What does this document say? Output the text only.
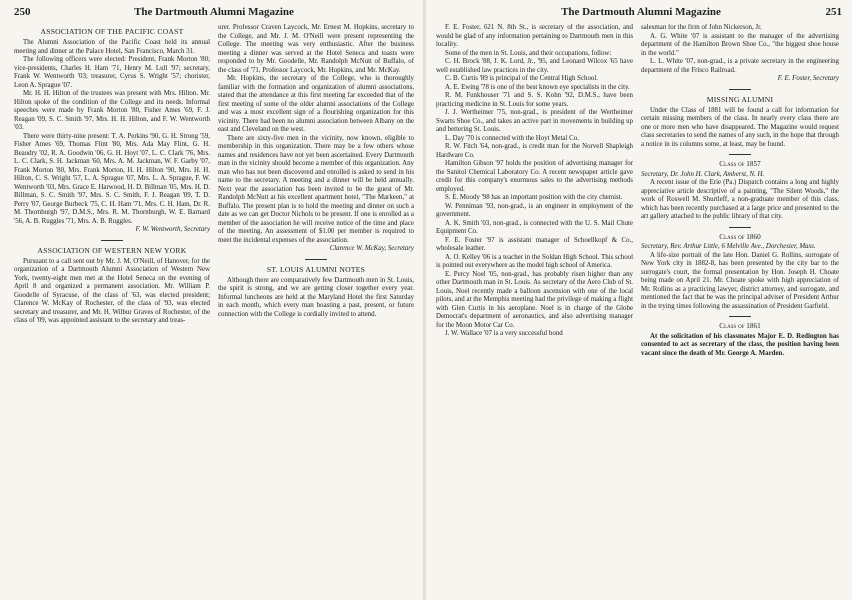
250	The Dartmouth Alumni Magazine
ASSOCIATION OF THE PACIFIC COAST

The Alumni Association of the Pacific Coast held its annual meeting and dinner at the Palace Hotel, San Francisco, March 31.

The following officers were elected: President, Frank Morton '80; vice-presidents, Charles H. Ham '71, Henry M. Lull '97; secretary, Frank W. Wentworth '03; treasurer, Cyrus S. Wright '57; chorister, Leon A. Sprague '07.

Mr. H. H. Hilton of the trustees was present with Mrs. Hilton. Mr. Hilton spoke of the condition of the College and its needs. Informal speeches were made by Frank Morton '80, Fisher Ames '69, F. J. Reagan '09, S. C. Smith '97, Mrs. H. H. Hilton, and F. W. Wentworth '03.

There were thirty-nine present: T. A. Perkins '90, G. H. Strong '59, Fisher Ames '69, Thomas Flint '80, Mrs. Ada May Flint, G. H. Beaudry '02, R. A. Goodwin '06, G. H. Hoyt '07, L. C. Clark '76, Mrs. L. C. Clark, S. H. Jackman '60, Mrs. A. M. Jackman, W. F. Garby '07, Frank Morton '80, Mrs. Frank Morton, H. H. Hilton '90, Mrs. H. H. Hilton, C. S. Wright '57, L. A. Sprague '07, Mrs. L. A. Sprague, F. W. Wentworth '03, Mrs. Grace E. Harwood, H. D. Billman '05, Mrs. H. D. Billman, S. C. Smith '97, Mrs. S. C. Smith, F. J. Reagan '09, T. D. Perry '07, George Burbeck '75, C. H. Ham '71, Mrs. C. H. Ham, Dr. R. M. Thornburgh '97, D.M.S., Mrs. R. M. Thornburgh, W. E. Barnard '56, A. B. Ruggles '71, Mrs. A. B. Ruggles.

F. W. Wentworth, Secretary

ASSOCIATION OF WESTERN NEW YORK

Pursuant to a call sent out by Mr. J. M. O'Neill, of Hanover, for the organization of a Dartmouth Alumni Association of Western New York, twenty-eight men met at the Hotel Seneca on the evening of April 8 and organized a permanent association. Mr. William P. Goodelle of Syracuse, of the class of '63, was elected president; Clarence W. McKay of Rochester, of the class of '93, was elected secretary and treasurer, and Mr. H. Wilbur Graves of Rochester, of the class of '09, was appointed assistant to the secretary and treas-

urer. Professor Craven Laycock, Mr. Ernest M. Hopkins, secretary to the College, and Mr. J. M. O'Neill were present representing the College. The meeting was very enthusiastic. After the business meeting a dinner was served at the Hotel Seneca and toasts were responded to by Mr. Goodelle, Mr. Randolph McNutt of Buffalo, of the class of '71, Professor Laycock, Mr. Hopkins, and Mr. McKay.

Mr. Hopkins, the secretary of the College, who is thoroughly familiar with the formation and organization of alumni associations, stated that the attendance at this first meeting far exceeded that of the first meeting of some of the older alumni associations of the College and was a most excellent sign of a flourishing organization for this vicinity. There had been no alumni association between Albany on the east and Cleveland on the west.

There are sixty-five men in the vicinity, now known, eligible to membership in this organization. There may be a few others whose names and residences have not yet been ascertained. Every Dartmouth man in the vicinity should become a member of this organization. Any man who has not been discovered and enrolled is asked to send in his name to the secretary. A meeting and a dinner will be held annually. Next year the association has been invited to be the guest of Mr. Randolph McNutt at his excellent apartment hotel, "The Markeen," at Buffalo. The present plan is to hold the meeting and dinner on such a date as we can get Doctor Nichols to be present. If one is enrolled as a member of the association he will receive notice of the time and place of the meeting. An assessment of $1.00 per member is required to meet the incidental expenses of the association.

Clarence W. McKay, Secretary

ST. LOUIS ALUMNI NOTES

Although there are comparatively few Dartmouth men in St. Louis, the spirit is strong, and we are getting closer together every year. Informal luncheons are held at the Maryland Hotel the first Saturday in each month, which every man boasting a past, present, or future connection with the College is cordially invited to attend.

The Dartmouth Alumni Magazine	251

F. E. Foster, 621 N. 8th St., is secretary of the association, and would be glad of any information pertaining to Dartmouth men in this locality.

Some of the men in St. Louis, and their occupations, follow:

C. H. Brock '88, J. K. Lord, Jr., '95, and Leonard Wilcox '65 have well established law practices in the city.

C. B. Curtis '89 is principal of the Central High School.

A. E. Ewing '78 is one of the best known eye specialists in the city.

R. M. Funkhouser '71 and S. S. Kohn '92, D.M.S., have been practicing medicine in St. Louis for some years.

J. J. Wertheimer '75, non-grad., is president of the Wertheimer Swarts Shoe Co., and takes an active part in movements in building up and bettering St. Louis.

L. Day '70 is connected with the Hoyt Metal Co.

R. W. Fitch '64, non-grad., is credit man for the Norvell Shapleigh Hardware Co.

Hamilton Gibson '97 holds the position of advertising manager for the Sanitol Chemical Laboratory Co. A recent newspaper article gave credit for this company's enormous sales to the advertising methods employed.

S. E. Moody '98 has an important position with the city chemist.

W. Penniman '93, non-grad., is an engineer in employment of the government.

A. K. Smith '03, non-grad., is connected with the U. S. Mail Chute Equipment Co.

F. E. Foster '97 is assistant manager of Schoellkopf & Co., wholesale leather.

A. O. Kelley '06 is a teacher in the Soldan High School. This school is pointed out everywhere as the model high school of America.

E. Percy Noel '05, non-grad., has probably risen higher than any other Dartmouth man in St. Louis. As secretary of the Aero Club of St. Louis, Noel recently made a balloon ascension with one of the local pilots, and at the Memphis meeting had the privilege of making a flight with Glen Curtis in his aeroplane. Noel is in charge of the Globe Democrat's department of aeronautics, and also advertising manager for the Moon Motor Car Co.

J. W. Wallace '07 is a very successful bond

salesman for the firm of John Nickerson, Jr.

A. G. White '07 is assistant to the manager of the advertising department of the Hamilton Brown Shoe Co., "the biggest shoe house in the world."

L. L. White '07, non-grad., is a private secretary in the engineering department of the Frisco Railroad.

F. E. Foster, Secretary

MISSING ALUMNI

Under the Class of 1881 will be found a call for information for certain missing members of the class. In nearly every class there are one or more men who have disappeared. The Magazine would request class secretaries to send the names of any such, in the hope that through a notice in its columns some, at least, may be found.

Class of 1857

Secretary, Dr. John H. Clark, Amherst, N. H.

A recent issue of the Erie (Pa.) Dispatch contains a long and highly appreciative article descriptive of a painting, "The Silent Woods," the work of Roswell M. Shurtleff, a non-graduate member of this class, which has been recently purchased at a large price and presented to the art gallery attached to the public library of that city.

Class of 1860

Secretary, Rev. Arthur Little, 6 Melville Ave., Dorchester, Mass.

A life-size portrait of the late Hon. Daniel G. Rollins, surrogate of New York city in 1882-8, has been presented by the city bar to the surrogate's court, the formal presentation by Hon. Joseph H. Choate being made on April 21. Mr. Choate spoke with high appreciation of Mr. Rollins as a practicing lawyer, district attorney, and surrogate, and mentioned the fact that he was the principal adviser of President Arthur in the trying times following the assassination of President Garfield.

Class of 1861

At the solicitation of his classmates Major E. D. Redington has consented to act as secretary of the class, the position having been vacant since the death of Mr. George A. Marden.
